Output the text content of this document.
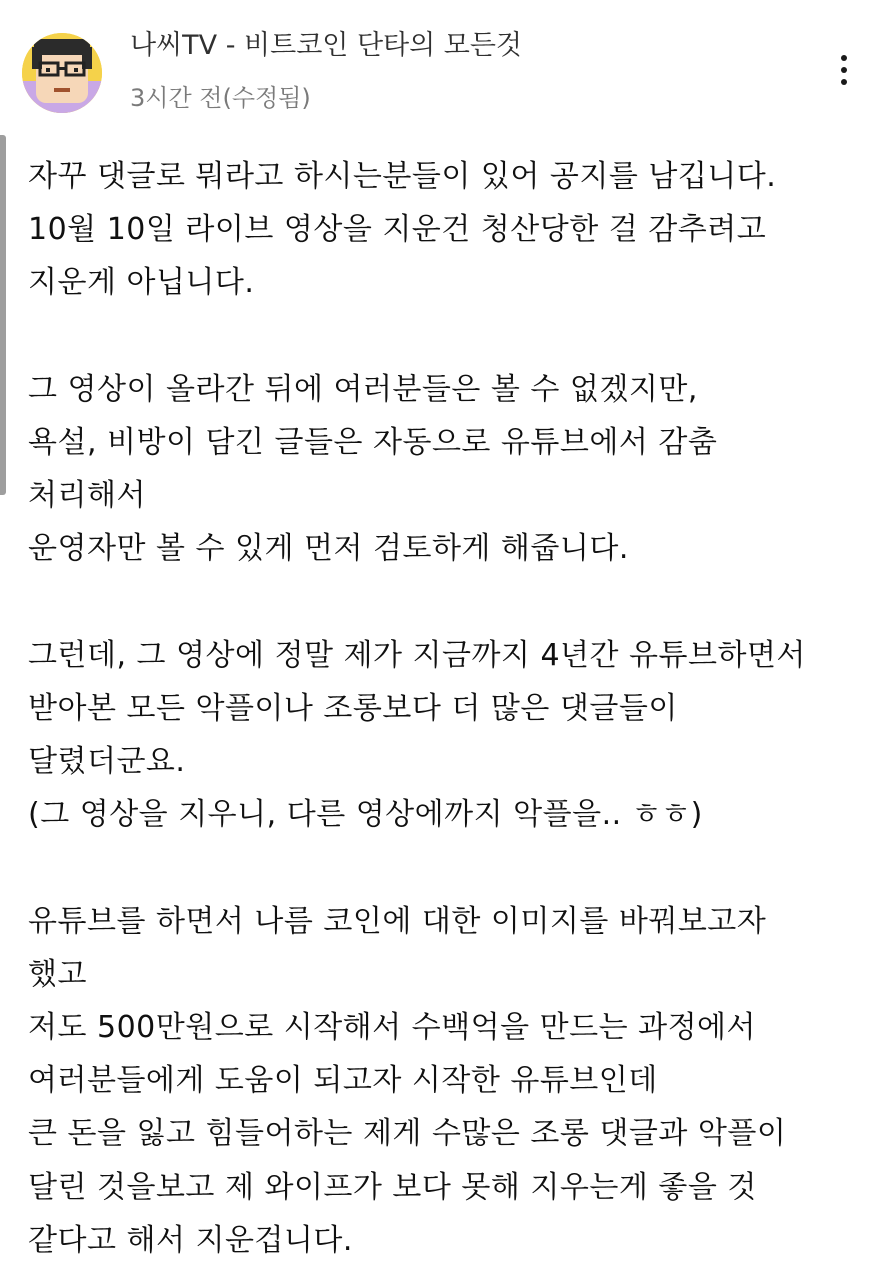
나씨TV - 비트코인 단타의 모든것
3시간 전(수정됨)
자꾸 댓글로 뭐라고 하시는분들이 있어 공지를 남깁니다.
10월 10일 라이브 영상을 지운건 청산당한 걸 감추려고
지운게 아닙니다.
그 영상이 올라간 뒤에 여러분들은 볼 수 없겠지만,
욕설, 비방이 담긴 글들은 자동으로 유튜브에서 감춤
처리해서
운영자만 볼 수 있게 먼저 검토하게 해줍니다.
그런데, 그 영상에 정말 제가 지금까지 4년간 유튜브하면서
받아본 모든 악플이나 조롱보다 더 많은 댓글들이
달렸더군요.
(그 영상을 지우니, 다른 영상에까지 악플을.. ㅎㅎ)
유튜브를 하면서 나름 코인에 대한 이미지를 바꿔보고자
했고
저도 500만원으로 시작해서 수백억을 만드는 과정에서
여러분들에게 도움이 되고자 시작한 유튜브인데
큰 돈을 잃고 힘들어하는 제게 수많은 조롱 댓글과 악플이
달린 것을보고 제 와이프가 보다 못해 지우는게 좋을 것
같다고 해서 지운겁니다.
